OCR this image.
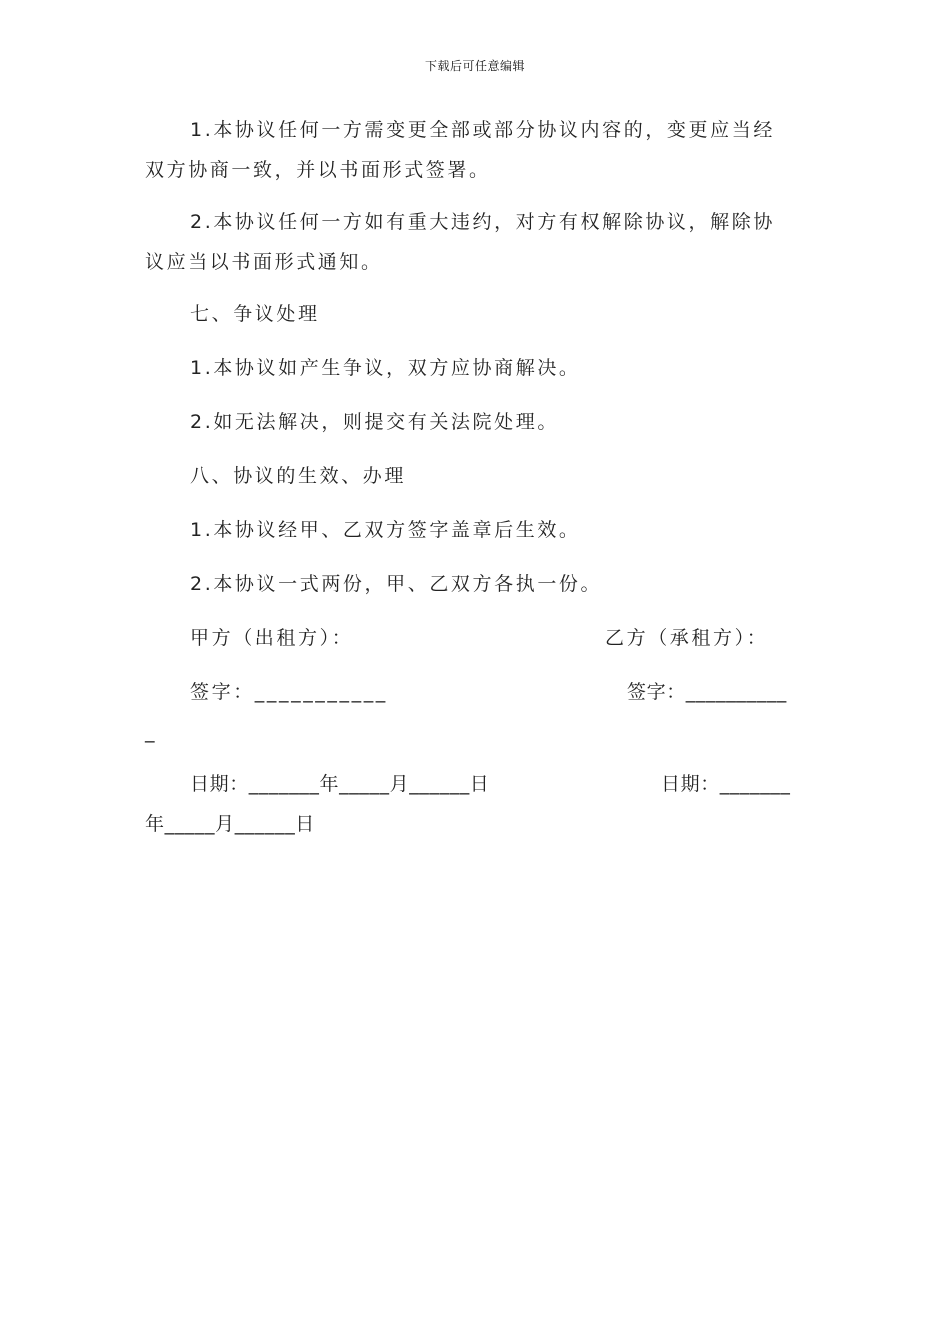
下载后可任意编辑
1.本协议任何一方需变更全部或部分协议内容的，变更应当经
双方协商一致，并以书面形式签署。
2.本协议任何一方如有重大违约，对方有权解除协议，解除协
议应当以书面形式通知。
七、争议处理
1.本协议如产生争议，双方应协商解决。
2.如无法解决，则提交有关法院处理。
八、协议的生效、办理
1.本协议经甲、乙双方签字盖章后生效。
2.本协议一式两份，甲、乙双方各执一份。
甲方（出租方）：	乙方（承租方）：
签字：___________	签字：__________
_
日期：_______年_____月______日	日期：_______
年_____月______日
